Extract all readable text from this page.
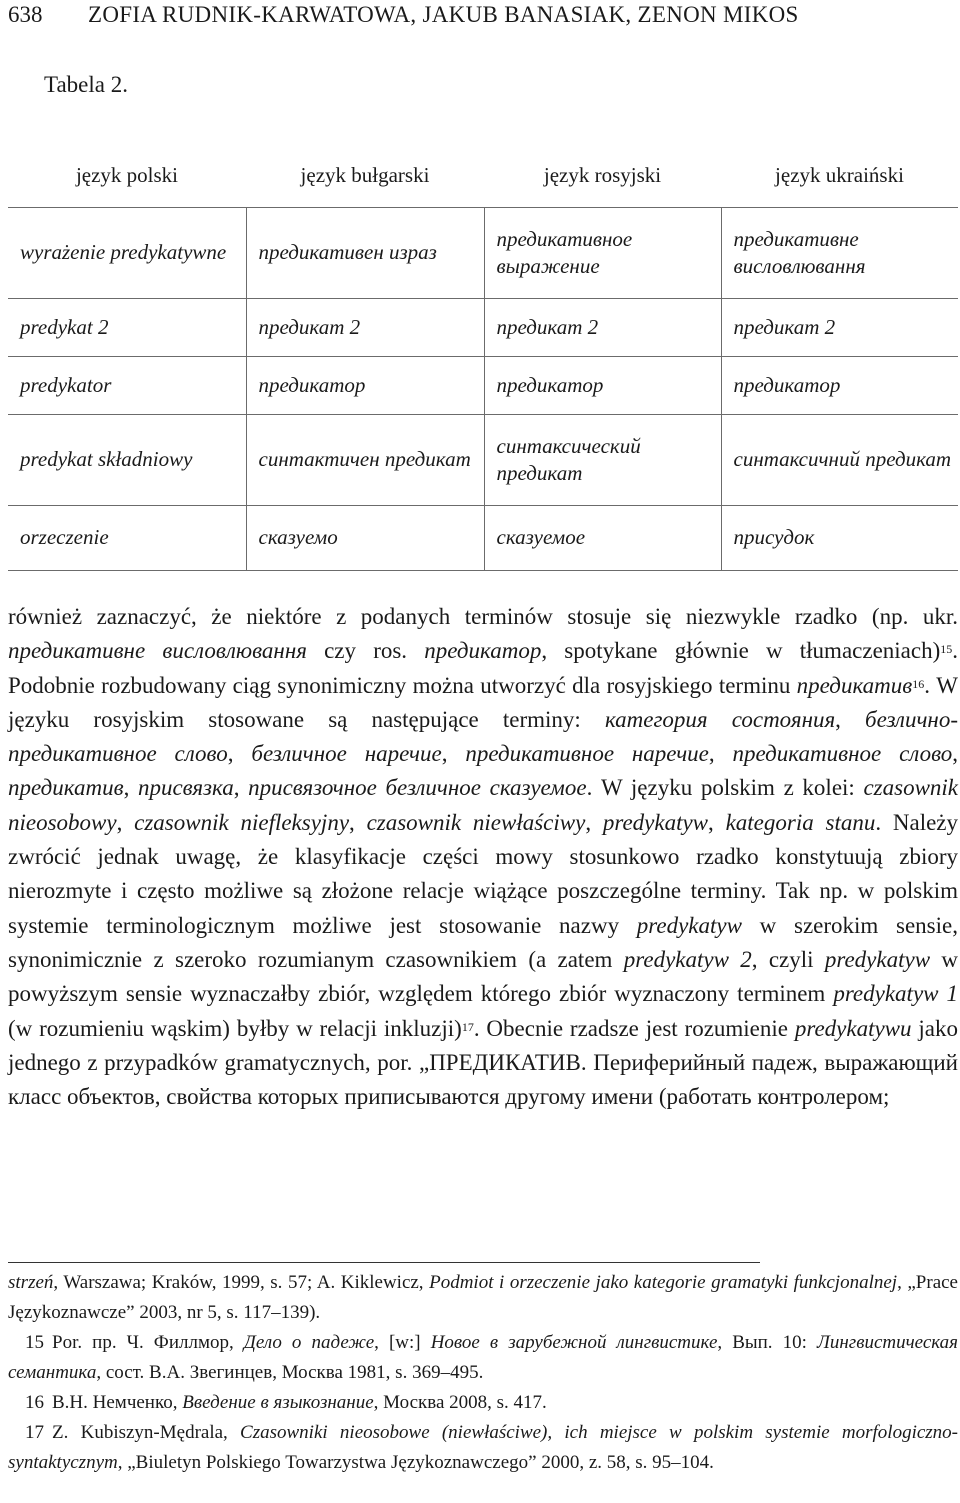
638 ZOFIA RUDNIK-KARWATOWA, JAKUB BANASIAK, ZENON MIKOS
Tabela 2.
język polski	język bułgarski	język rosyjski	język ukraiński
wyrażenie predykatywne	предикативен израз	предикативное выражение	предикативне висловлювання
predykat 2	предикат 2	предикат 2	предикат 2
predykator	предикатор	предикатор	предикатор
predykat składniowy	синтактичен предикат	синтаксический предикат	синтаксичний предикат
orzeczenie	сказуемо	сказуемое	присудок

również zaznaczyć, że niektóre z podanych terminów stosuje się niezwykle rzadko (np. ukr. предикативне висловлювання czy ros. предикатор, spotykane głównie w tłumaczeniach)$^{15}$. Podobnie rozbudowany ciąg synonimiczny można utworzyć dla rosyjskiego terminu предикатив$^{16}$. W języku rosyjskim stosowane są następujące terminy: категория состояния, безлично-предикативное слово, безличное наречие, предикативное наречие, предикативное слово, предикатив, присвязка, присвязочное безличное сказуемое. W języku polskim z kolei: czasownik nieosobowy, czasownik niefleksyjny, czasownik niewłaściwy, predykatyw, kategoria stanu. Należy zwrócić jednak uwagę, że klasyfikacje części mowy stosunkowo rzadko konstytuują zbiory nierozmyte i często możliwe są złożone relacje wiążące poszczególne terminy. Tak np. w polskim systemie terminologicznym możliwe jest stosowanie nazwy predykatyw w szerokim sensie, synonimicznie z szeroko rozumianym czasownikiem (a zatem predykatyw 2, czyli predykatyw w powyższym sensie wyznaczałby zbiór, względem którego zbiór wyznaczony terminem predykatyw 1 (w rozumieniu wąskim) byłby w relacji inkluzji)$^{17}$. Obecnie rzadsze jest rozumienie predykatywu jako jednego z przypadków gramatycznych, por. „ПРЕДИКАТИВ. Периферийный падеж, выражающий класс объектов, свойства которых приписываются другому имени (работать контролером;

strzeń, Warszawa; Kraków, 1999, s. 57; A. Kiklewicz, Podmiot i orzeczenie jako kategorie gramatyki funkcjonalnej, „Prace Językoznawcze” 2003, nr 5, s. 117–139).

15 Por. пр. Ч. Филлмор, Дело о падеже, [w:] Новое в зарубежной лингвистике, Вып. 10: Лингвистическая семантика, сост. В.А. Звегинцев, Москва 1981, s. 369–495.

16 В.Н. Немченко, Введение в языкознание, Москва 2008, s. 417.

17 Z. Kubiszyn-Mędrala, Czasowniki nieosobowe (niewłaściwe), ich miejsce w polskim systemie morfologiczno-syntaktycznym, „Biuletyn Polskiego Towarzystwa Językoznawczego” 2000, z. 58, s. 95–104.
